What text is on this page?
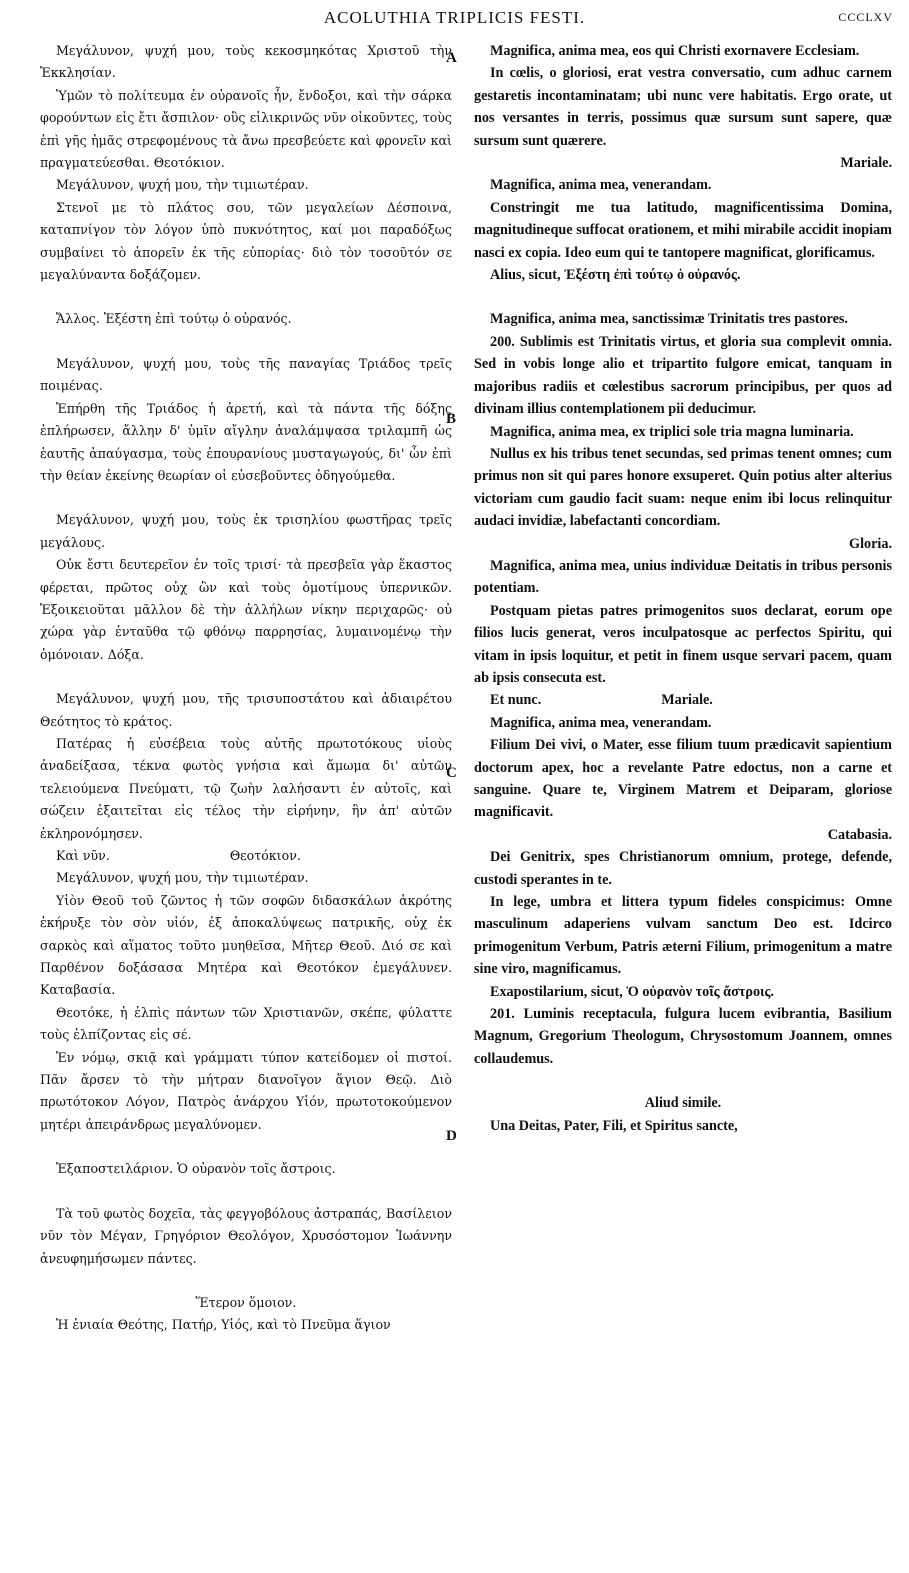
ACOLUTHIA TRIPLICIS FESTI.	CCCLXV
A
B
C
D

Μεγάλυνον, ψυχή μου, τοὺς κεκοσμηκότας Χριστοῦ τὴν Ἐκκλησίαν.

Ὑμῶν τὸ πολίτευμα ἐν οὐρανοῖς ἦν, ἔνδοξοι, καὶ τὴν σάρκα φορούντων εἰς ἔτι ἄσπιλον· οὓς εἰλικρινῶς νῦν οἰκοῦντες, τοὺς ἐπὶ γῆς ἡμᾶς στρεφομένους τὰ ἄνω πρεσβεύετε καὶ φρονεῖν καὶ πραγματεύεσθαι. Θεοτόκιον.

Μεγάλυνον, ψυχή μου, τὴν τιμιωτέραν.

Στενοῖ με τὸ πλάτος σου, τῶν μεγαλείων Δέσποινα, καταπνίγον τὸν λόγον ὑπὸ πυκνότητος, καί μοι παραδόξως συμβαίνει τὸ ἀπορεῖν ἐκ τῆς εὐπορίας· διὸ τὸν τοσοῦτόν σε μεγαλύναντα δοξάζομεν.

Ἄλλος. Ἐξέστη ἐπὶ τούτῳ ὁ οὐρανός.

Μεγάλυνον, ψυχή μου, τοὺς τῆς παναγίας Τριάδος τρεῖς ποιμένας.

Ἐπήρθη τῆς Τριάδος ἡ ἀρετή, καὶ τὰ πάντα τῆς δόξης ἐπλήρωσεν, ἄλλην δ' ὑμῖν αἴγλην ἀναλάμψασα τριλαμπῆ ὡς ἑαυτῆς ἀπαύγασμα, τοὺς ἐπουρανίους μυσταγωγούς, δι' ὧν ἐπὶ τὴν θείαν ἐκείνης θεωρίαν οἱ εὐσεβοῦντες ὁδηγούμεθα.

Μεγάλυνον, ψυχή μου, τοὺς ἐκ τρισηλίου φωστῆρας τρεῖς μεγάλους.

Οὐκ ἔστι δευτερεῖον ἐν τοῖς τρισί· τὰ πρεσβεῖα γὰρ ἕκαστος φέρεται, πρῶτος οὐχ ὢν καὶ τοὺς ὁμοτίμους ὑπερνικῶν. Ἐξοικειοῦται μᾶλλον δὲ τὴν ἀλλήλων νίκην περιχαρῶς· οὐ χώρα γὰρ ἐνταῦθα τῷ φθόνῳ παρρησίας, λυμαινομένῳ τὴν ὁμόνοιαν. Δόξα.

Μεγάλυνον, ψυχή μου, τῆς τρισυποστάτου καὶ ἀδιαιρέτου Θεότητος τὸ κράτος.

Πατέρας ἡ εὐσέβεια τοὺς αὐτῆς πρωτοτόκους υἱοὺς ἀναδείξασα, τέκνα φωτὸς γνήσια καὶ ἄμωμα δι' αὐτῶν τελειούμενα Πνεύματι, τῷ ζωὴν λαλήσαντι ἐν αὐτοῖς, καὶ σώζειν ἐξαιτεῖται εἰς τέλος τὴν εἰρήνην, ἣν ἀπ' αὐτῶν ἐκληρονόμησεν.

Καὶ νῦν.	Θεοτόκιον.

Μεγάλυνον, ψυχή μου, τὴν τιμιωτέραν.

Υἱὸν Θεοῦ τοῦ ζῶντος ἡ τῶν σοφῶν διδασκάλων ἀκρότης ἐκήρυξε τὸν σὸν υἱόν, ἐξ ἀποκαλύψεως πατρικῆς, οὐχ ἐκ σαρκὸς καὶ αἵματος τοῦτο μυηθεῖσα, Μῆτερ Θεοῦ. Διό σε καὶ Παρθένον δοξάσασα Μητέρα καὶ Θεοτόκον ἐμεγάλυνεν. Καταβασία.

Θεοτόκε, ἡ ἐλπὶς πάντων τῶν Χριστιανῶν, σκέπε, φύλαττε τοὺς ἐλπίζοντας εἰς σέ.

Ἐν νόμῳ, σκιᾷ καὶ γράμματι τύπον κατείδομεν οἱ πιστοί. Πᾶν ἄρσεν τὸ τὴν μήτραν διανοῖγον ἅγιον Θεῷ. Διὸ πρωτότοκον Λόγον, Πατρὸς ἀνάρχου Υἱόν, πρωτοτοκούμενον μητέρι ἀπειράνδρως μεγαλύνομεν.

Ἐξαποστειλάριον. Ὁ οὐρανὸν τοῖς ἄστροις.

Τὰ τοῦ φωτὸς δοχεῖα, τὰς φεγγοβόλους ἀστραπάς, Βασίλειον νῦν τὸν Μέγαν, Γρηγόριον Θεολόγον, Χρυσόστομον Ἰωάννην ἀνευφημήσωμεν πάντες.

Ἕτερον ὅμοιον.

Ἡ ἑνιαία Θεότης, Πατήρ, Υἱός, καὶ τὸ Πνεῦμα ἅγιον

Magnifica, anima mea, eos qui Christi exornavere Ecclesiam.

In cœlis, o gloriosi, erat vestra conversatio, cum adhuc carnem gestaretis incontaminatam; ubi nunc vere habitatis. Ergo orate, ut nos versantes in terris, possimus quæ sursum sunt sapere, quæ sursum sunt quærere.

Mariale.

Magnifica, anima mea, venerandam.

Constringit me tua latitudo, magnificentissima Domina, magnitudineque suffocat orationem, et mihi mirabile accidit inopiam nasci ex copia. Ideo eum qui te tantopere magnificat, glorificamus.

Alius, sicut, Ἐξέστη ἐπὶ τούτῳ ὁ οὐρανός.

Magnifica, anima mea, sanctissimæ Trinitatis tres pastores.

200. Sublimis est Trinitatis virtus, et gloria sua complevit omnia. Sed in vobis longe alio et tripartito fulgore emicat, tanquam in majoribus radiis et cœlestibus sacrorum principibus, per quos ad divinam illius contemplationem pii deducimur.

Magnifica, anima mea, ex triplici sole tria magna luminaria.

Nullus ex his tribus tenet secundas, sed primas tenent omnes; cum primus non sit qui pares honore exsuperet. Quin potius alter alterius victoriam cum gaudio facit suam: neque enim ibi locus relinquitur audaci invidiæ, labefactanti concordiam.

Gloria.

Magnifica, anima mea, unius individuæ Deitatis in tribus personis potentiam.

Postquam pietas patres primogenitos suos declarat, eorum ope filios lucis generat, veros inculpatosque ac perfectos Spiritu, qui vitam in ipsis loquitur, et petit in finem usque servari pacem, quam ab ipsis consecuta est.

Et nunc.	Mariale.

Magnifica, anima mea, venerandam.

Filium Dei vivi, o Mater, esse filium tuum prædicavit sapientium doctorum apex, hoc a revelante Patre edoctus, non a carne et sanguine. Quare te, Virginem Matrem et Deiparam, gloriose magnificavit.

Catabasia.

Dei Genitrix, spes Christianorum omnium, protege, defende, custodi sperantes in te.

In lege, umbra et littera typum fideles conspicimus: Omne masculinum adaperiens vulvam sanctum Deo est. Idcirco primogenitum Verbum, Patris æterni Filium, primogenitum a matre sine viro, magnificamus.

Exapostilarium, sicut, Ὁ οὐρανὸν τοῖς ἄστροις.

201. Luminis receptacula, fulgura lucem evibrantia, Basilium Magnum, Gregorium Theologum, Chrysostomum Joannem, omnes collaudemus.

Aliud simile.

Una Deitas, Pater, Fili, et Spiritus sancte,
